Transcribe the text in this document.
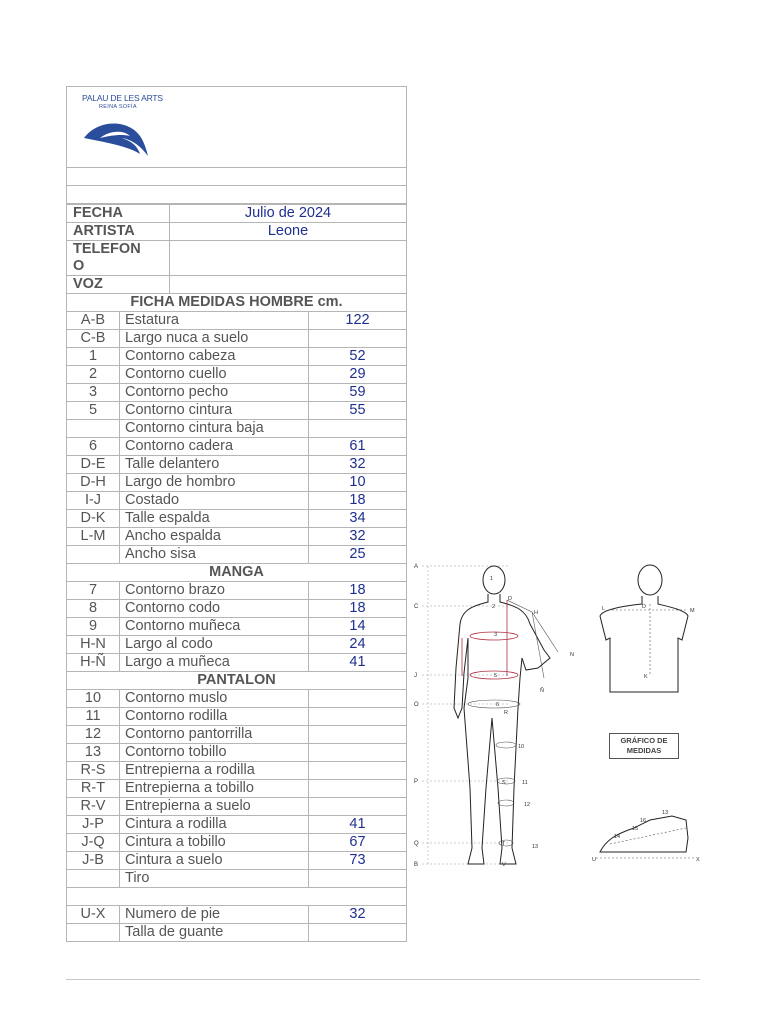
PALAU DE LES ARTS
REINA SOFÍA
FECHA	Julio de 2024
ARTISTA	Leone
TELEFON O	
VOZ	
FICHA MEDIDAS HOMBRE cm.		
A-B	Estatura	122
C-B	Largo nuca a suelo	
1	Contorno cabeza	52
2	Contorno cuello	29
3	Contorno pecho	59
5	Contorno cintura	55
	Contorno cintura baja	
6	Contorno cadera	61
D-E	Talle delantero	32
D-H	Largo de hombro	10
I-J	Costado	18
D-K	Talle espalda	34
L-M	Ancho espalda	32
	Ancho sisa	25
MANGA		
7	Contorno brazo	18
8	Contorno codo	18
9	Contorno muñeca	14
H-N	Largo al codo	24
H-Ñ	Largo a muñeca	41
PANTALON		
10	Contorno muslo	
11	Contorno rodilla	
12	Contorno pantorrilla	
13	Contorno tobillo	
R-S	Entrepierna a rodilla	
R-T	Entrepierna a tobillo	
R-V	Entrepierna a suelo	
J-P	Cintura a rodilla	41
J-Q	Cintura a tobillo	67
J-B	Cintura a suelo	73
	Tiro	

U-X	Numero de pie	32
	Talla de guante	
A
C
J
O
P
Q
B
1
2
3
5
6
10
11
12
13
D
H
N
Ñ
R
S
T
V
L	D
M
K
13
16
15
14
U	X
GRÁFICO DE
MEDIDAS
